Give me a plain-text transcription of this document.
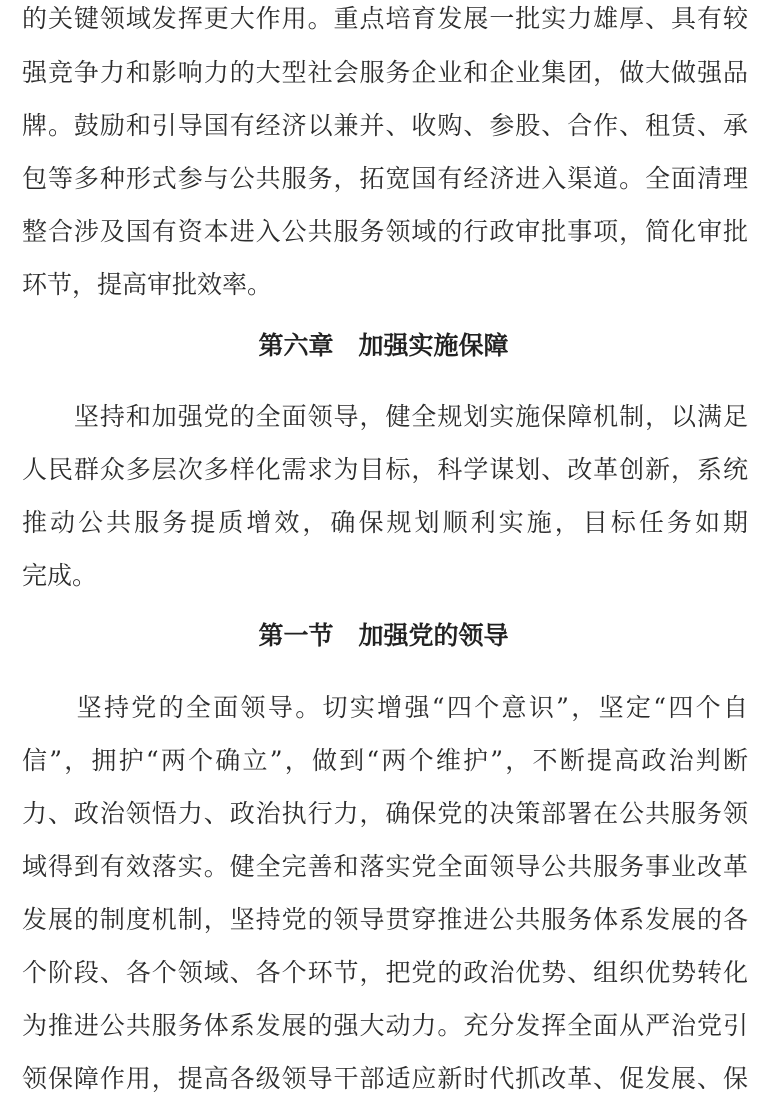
的关键领域发挥更大作用。重点培育发展一批实力雄厚、具有较
强竞争力和影响力的大型社会服务企业和企业集团，做大做强品
牌。鼓励和引导国有经济以兼并、收购、参股、合作、租赁、承
包等多种形式参与公共服务，拓宽国有经济进入渠道。全面清理
整合涉及国有资本进入公共服务领域的行政审批事项，简化审批
环节，提高审批效率。
第六章　加强实施保障
　　坚持和加强党的全面领导，健全规划实施保障机制，以满足
人民群众多层次多样化需求为目标，科学谋划、改革创新，系统
推动公共服务提质增效，确保规划顺利实施，目标任务如期
完成。
第一节　加强党的领导
　　坚持党的全面领导。切实增强“四个意识”，坚定“四个自
信”，拥护“两个确立”，做到“两个维护”，不断提高政治判断
力、政治领悟力、政治执行力，确保党的决策部署在公共服务领
域得到有效落实。健全完善和落实党全面领导公共服务事业改革
发展的制度机制，坚持党的领导贯穿推进公共服务体系发展的各
个阶段、各个领域、各个环节，把党的政治优势、组织优势转化
为推进公共服务体系发展的强大动力。充分发挥全面从严治党引
领保障作用，提高各级领导干部适应新时代抓改革、促发展、保
